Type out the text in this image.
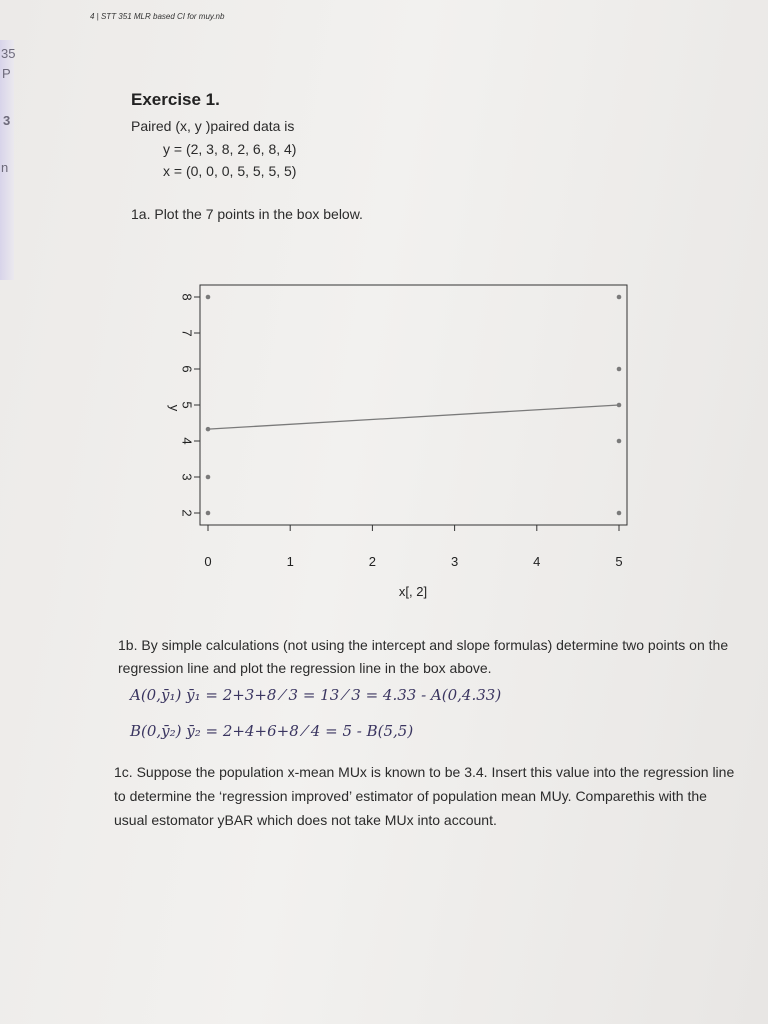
35
P
3
n
4 | STT 351 MLR based CI for muy.nb
Exercise 1.
Paired (x, y )paired data is
y = (2, 3, 8, 2, 6, 8, 4)
x = (0, 0, 0, 5, 5, 5, 5)
1a. Plot the 7 points in the box below.
2
3
4
5
6
7
8
0	1	2	3	4	5
y
x[, 2]
1b. By simple calculations (not using the intercept and slope formulas) determine two points on the regression line and plot the regression line in the box above.
A(0,ȳ₁) ȳ₁ = 2+3+8 ⁄ 3 = 13 ⁄ 3 = 4.33 - A(0,4.33)
B(0,ȳ₂) ȳ₂ = 2+4+6+8 ⁄ 4 = 5 - B(5,5)
1c. Suppose the population x-mean MUx is known to be 3.4. Insert this value into the regression line to determine the ‘regression improved’ estimator of population mean MUy. Comparethis with the usual estomator yBAR which does not take MUx into account.
